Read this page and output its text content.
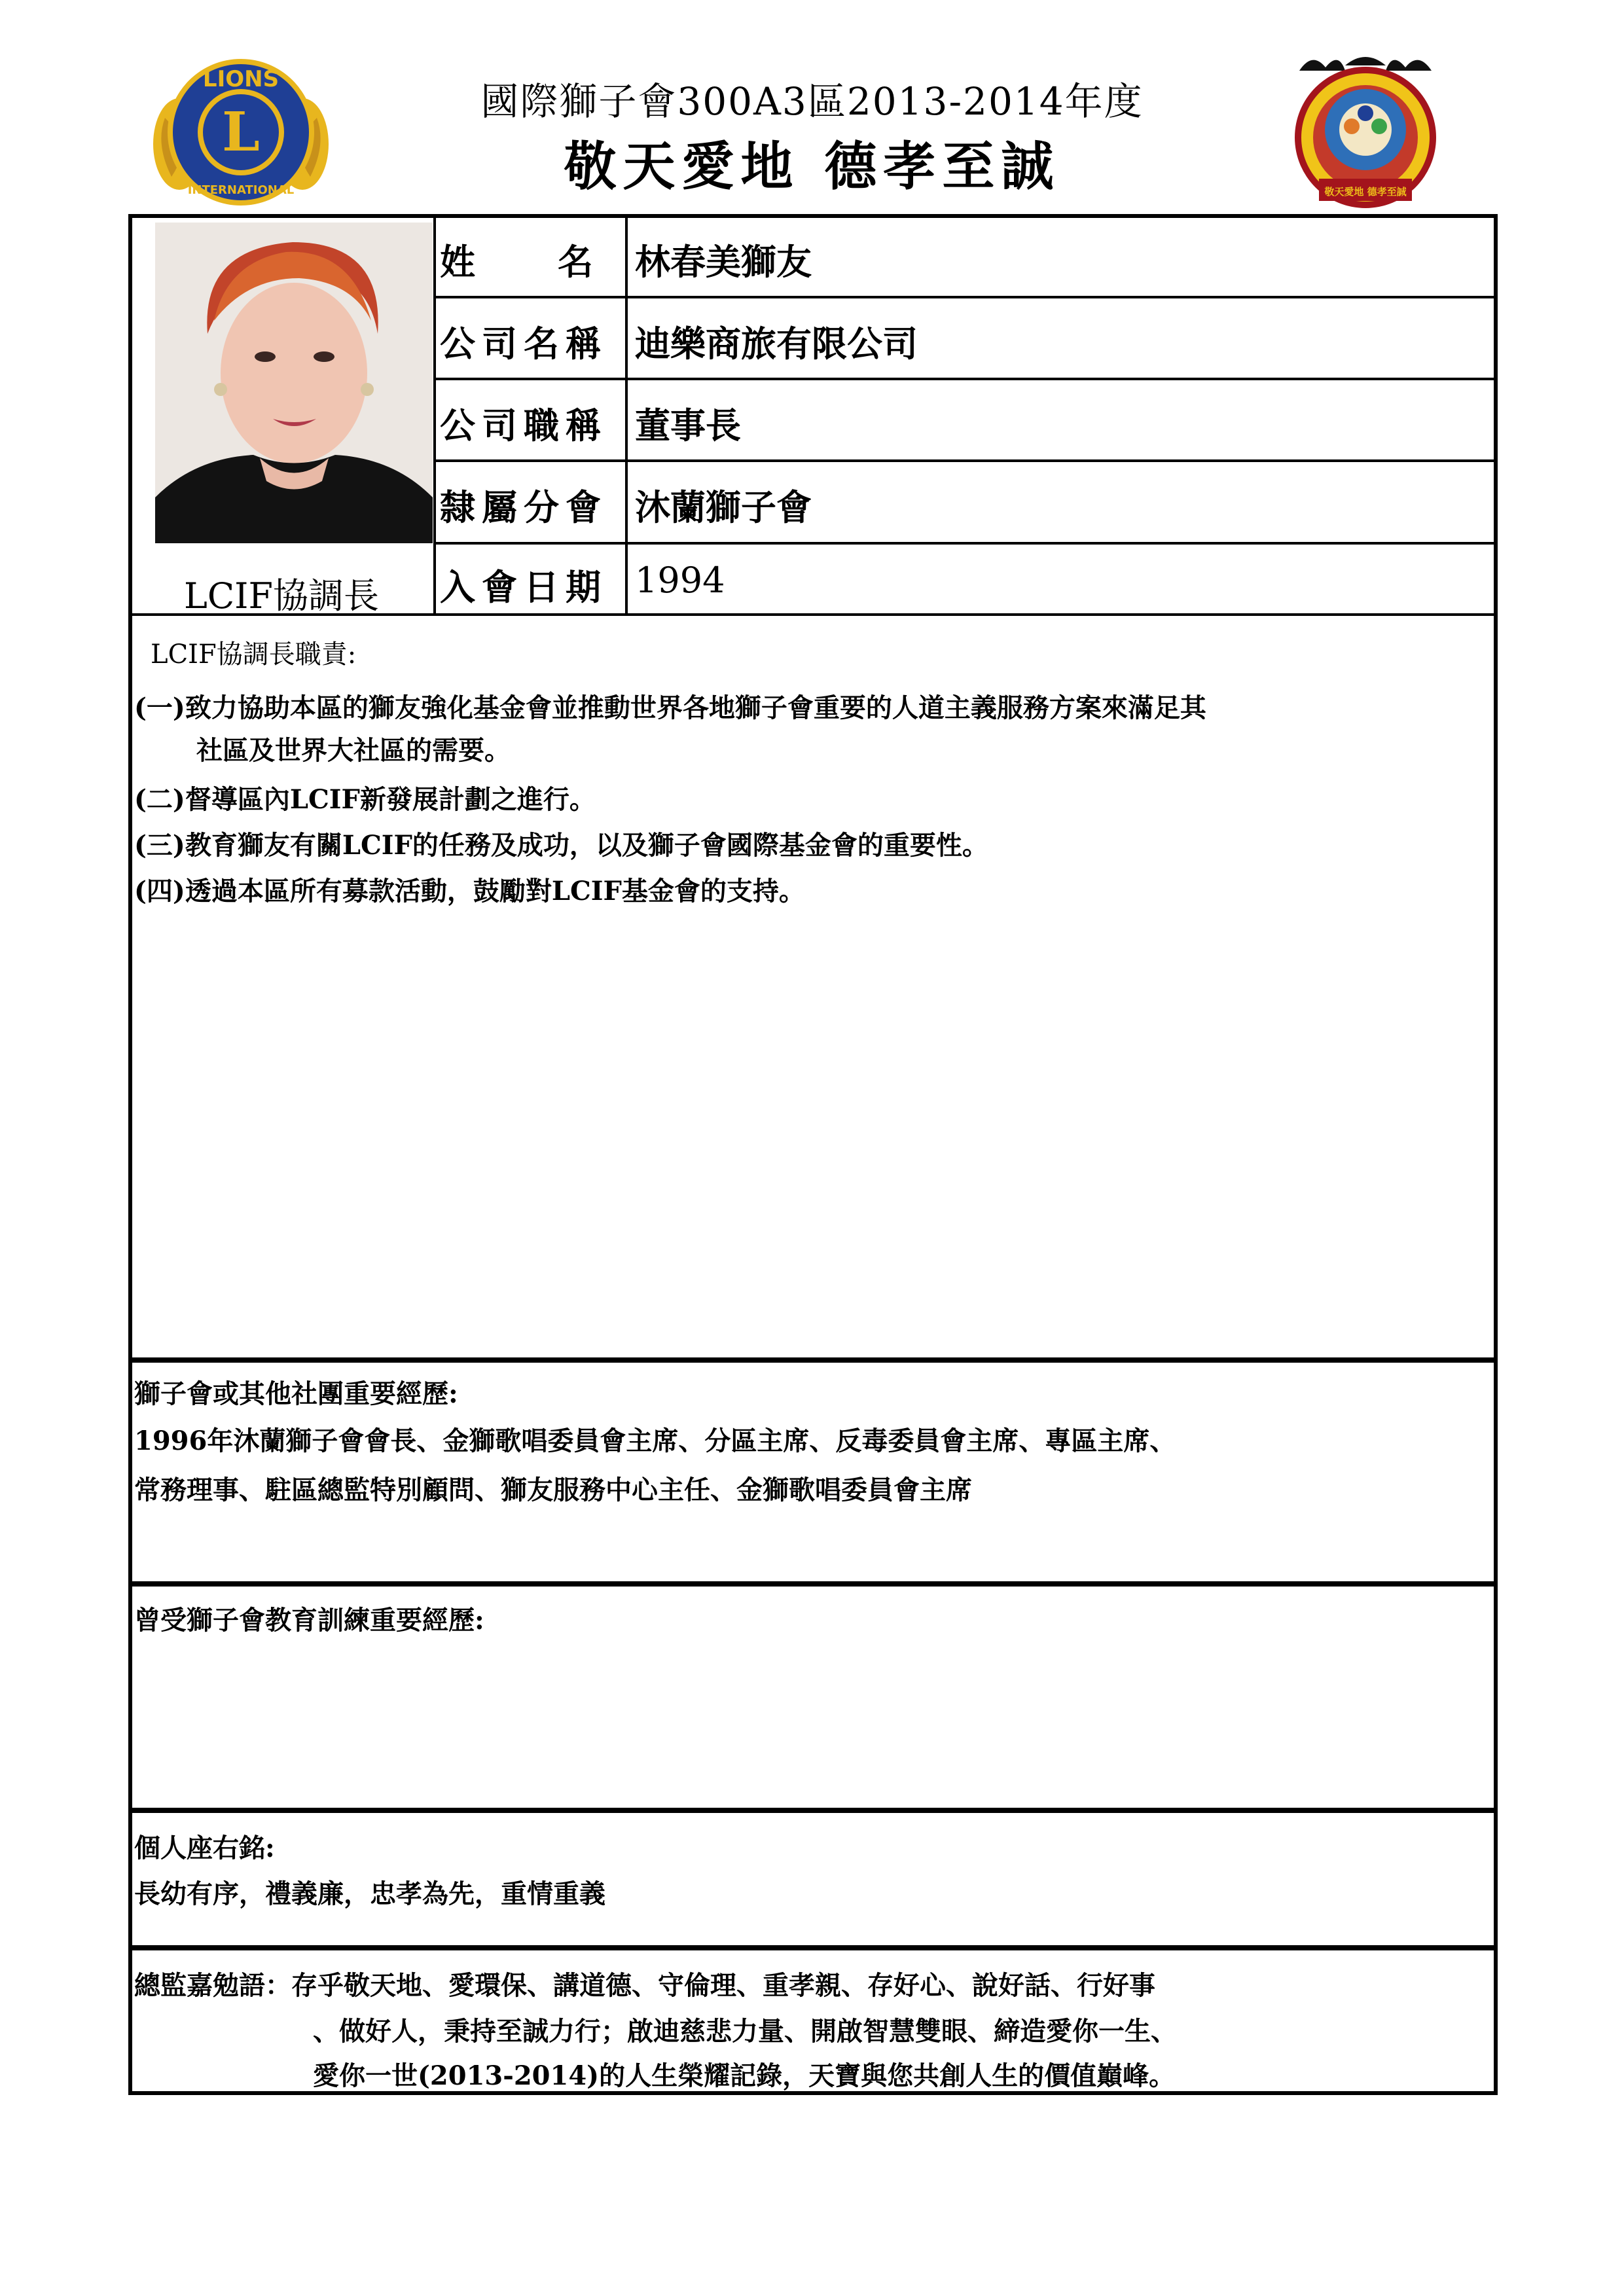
國際獅子會300A3區2013-2014年度
敬天愛地 德孝至誠
LIONS
L
INTERNATIONAL	敬天愛地 德孝至誠
LCIF協調長
姓　　名
公司名稱
公司職稱
隸屬分會
入會日期
林春美獅友
迪樂商旅有限公司
董事長
沐蘭獅子會
1994
LCIF協調長職責:
(一)致力協助本區的獅友強化基金會並推動世界各地獅子會重要的人道主義服務方案來滿足其
社區及世界大社區的需要。
(二)督導區內LCIF新發展計劃之進行。
(三)教育獅友有關LCIF的任務及成功，以及獅子會國際基金會的重要性。
(四)透過本區所有募款活動，鼓勵對LCIF基金會的支持。
獅子會或其他社團重要經歷:
1996年沐蘭獅子會會長、金獅歌唱委員會主席、分區主席、反毒委員會主席、專區主席、
常務理事、駐區總監特別顧問、獅友服務中心主任、金獅歌唱委員會主席
曾受獅子會教育訓練重要經歷:
個人座右銘:
長幼有序，禮義廉，忠孝為先，重情重義
總監嘉勉語：存乎敬天地、愛環保、講道德、守倫理、重孝親、存好心、說好話、行好事
、做好人，秉持至誠力行；啟迪慈悲力量、開啟智慧雙眼、締造愛你一生、
愛你一世(2013-2014)的人生榮耀記錄，天寶與您共創人生的價值巔峰。
